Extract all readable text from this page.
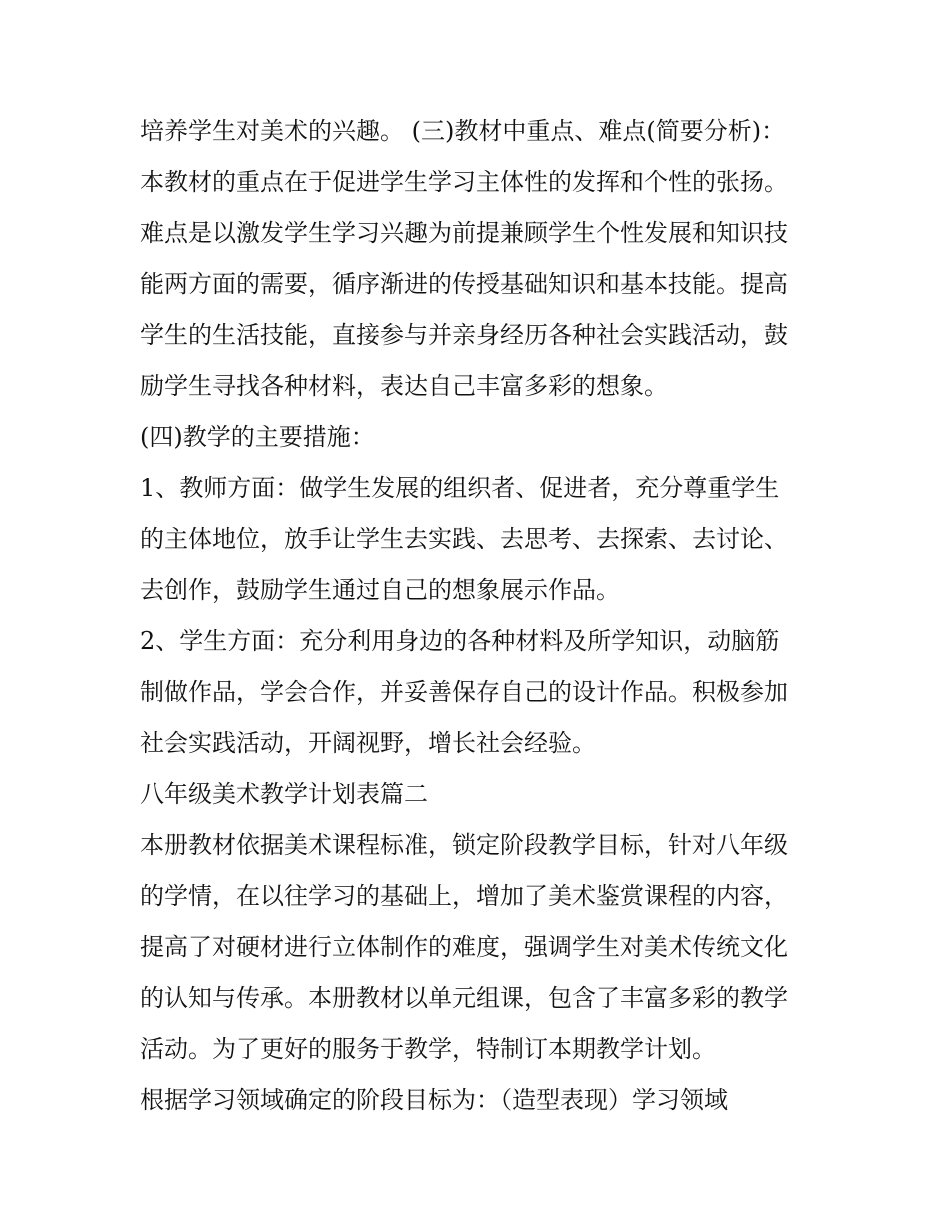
培养学生对美术的兴趣。 (三)教材中重点、难点(简要分析)：
本教材的重点在于促进学生学习主体性的发挥和个性的张扬。
难点是以激发学生学习兴趣为前提兼顾学生个性发展和知识技
能两方面的需要，循序渐进的传授基础知识和基本技能。提高
学生的生活技能，直接参与并亲身经历各种社会实践活动，鼓
励学生寻找各种材料，表达自己丰富多彩的想象。
(四)教学的主要措施：
1、教师方面：做学生发展的组织者、促进者，充分尊重学生
的主体地位，放手让学生去实践、去思考、去探索、去讨论、
去创作，鼓励学生通过自己的想象展示作品。
2、学生方面：充分利用身边的各种材料及所学知识，动脑筋
制做作品，学会合作，并妥善保存自己的设计作品。积极参加
社会实践活动，开阔视野，增长社会经验。
八年级美术教学计划表篇二
本册教材依据美术课程标准，锁定阶段教学目标，针对八年级
的学情，在以往学习的基础上，增加了美术鉴赏课程的内容，
提高了对硬材进行立体制作的难度，强调学生对美术传统文化
的认知与传承。本册教材以单元组课，包含了丰富多彩的教学
活动。为了更好的服务于教学，特制订本期教学计划。
根据学习领域确定的阶段目标为：（造型表现）学习领域
